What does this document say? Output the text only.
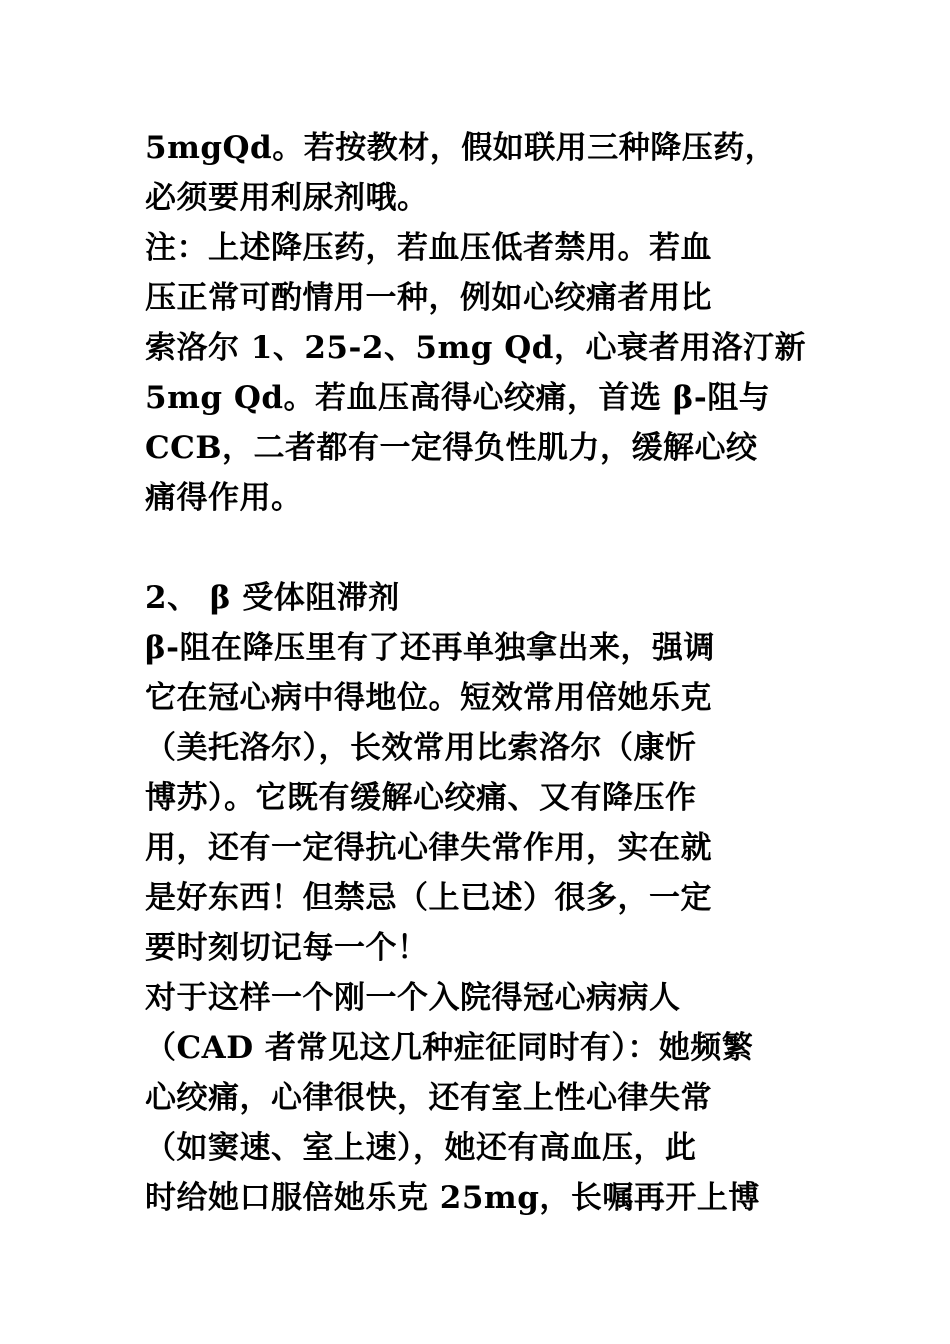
5mgQd。若按教材，假如联用三种降压药，
必须要用利尿剂哦。
注：上述降压药，若血压低者禁用。若血
压正常可酌情用一种，例如心绞痛者用比
索洛尔 1、25-2、5mg Qd，心衰者用洛汀新
5mg Qd。若血压高得心绞痛，首选 β-阻与
CCB，二者都有一定得负性肌力，缓解心绞
痛得作用。
2、 β 受体阻滞剂
β-阻在降压里有了还再单独拿出来，强调
它在冠心病中得地位。短效常用倍她乐克
（美托洛尔），长效常用比索洛尔（康忻
博苏）。它既有缓解心绞痛、又有降压作
用，还有一定得抗心律失常作用，实在就
是好东西！但禁忌（上已述）很多，一定
要时刻切记每一个！
对于这样一个刚一个入院得冠心病病人
（CAD 者常见这几种症征同时有）：她频繁
心绞痛，心律很快，还有室上性心律失常
（如窦速、室上速），她还有高血压，此
时给她口服倍她乐克 25mg，长嘱再开上博
